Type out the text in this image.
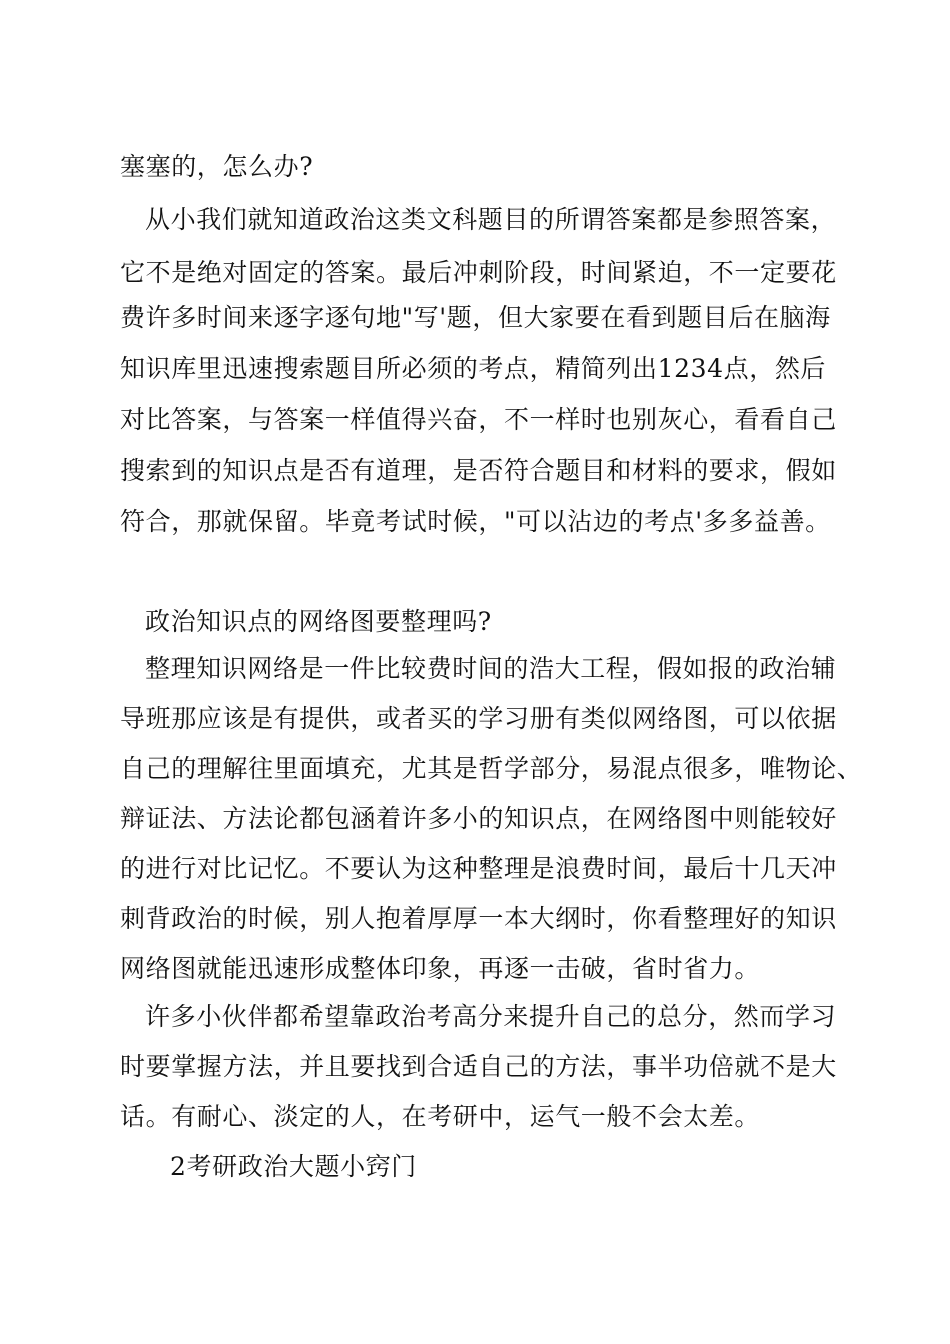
塞塞的，怎么办?
从小我们就知道政治这类文科题目的所谓答案都是参照答案，
它不是绝对固定的答案。最后冲刺阶段，时间紧迫，不一定要花
费许多时间来逐字逐句地"写'题，但大家要在看到题目后在脑海
知识库里迅速搜索题目所必须的考点，精简列出1234点，然后
对比答案，与答案一样值得兴奋，不一样时也别灰心，看看自己
搜索到的知识点是否有道理，是否符合题目和材料的要求，假如
符合，那就保留。毕竟考试时候，"可以沾边的考点'多多益善。
政治知识点的网络图要整理吗?
整理知识网络是一件比较费时间的浩大工程，假如报的政治辅
导班那应该是有提供，或者买的学习册有类似网络图，可以依据
自己的理解往里面填充，尤其是哲学部分，易混点很多，唯物论、
辩证法、方法论都包涵着许多小的知识点，在网络图中则能较好
的进行对比记忆。不要认为这种整理是浪费时间，最后十几天冲
刺背政治的时候，别人抱着厚厚一本大纲时，你看整理好的知识
网络图就能迅速形成整体印象，再逐一击破，省时省力。
许多小伙伴都希望靠政治考高分来提升自己的总分，然而学习
时要掌握方法，并且要找到合适自己的方法，事半功倍就不是大
话。有耐心、淡定的人，在考研中，运气一般不会太差。
2考研政治大题小窍门
